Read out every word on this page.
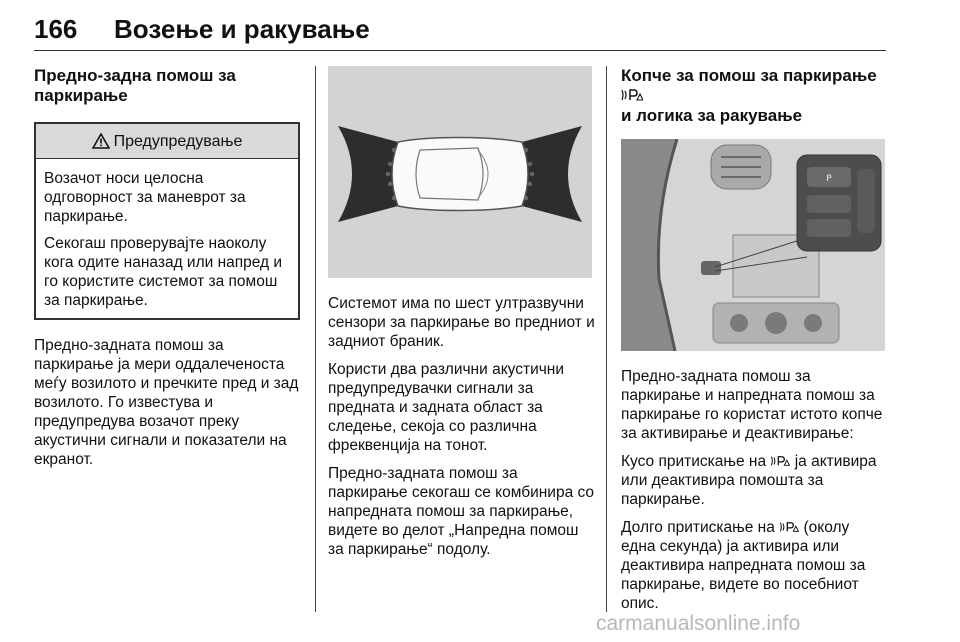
166 Возење и ракување
Предно-задна помош за паркирање
Предупредување

Возачот носи целосна одговорност за маневрот за паркирање.

Секогаш проверувајте наоколу кога одите наназад или напред и го користите системот за помош за паркирање.

Предно-задната помош за паркирање ја мери оддалеченоста меѓу возилото и пречките пред и зад возилото. Го известува и предупредува возачот преку акустични сигнали и показатели на екранот.

Системот има по шест ултразвучни сензори за паркирање во предниот и задниот браник.

Користи два различни акустични предупредувачки сигнали за предната и задната област за следење, секоја со различна фреквенција на тонот.

Предно-задната помош за паркирање секогаш се комбинира со напредната помош за паркирање, видете во делот „Напредна помош за паркирање“ подолу.

Копче за помош за паркирање
и логика за ракување
P

Предно-задната помош за паркирање и напредната помош за паркирање го користат истото копче за активирање и деактивирање:

Кусо притискање на ја активира или деактивира помошта за паркирање.

Долго притискање на (околу една секунда) ја активира или деактивира напредната помош за паркирање, видете во посебниот опис.

carmanualsonline.info
